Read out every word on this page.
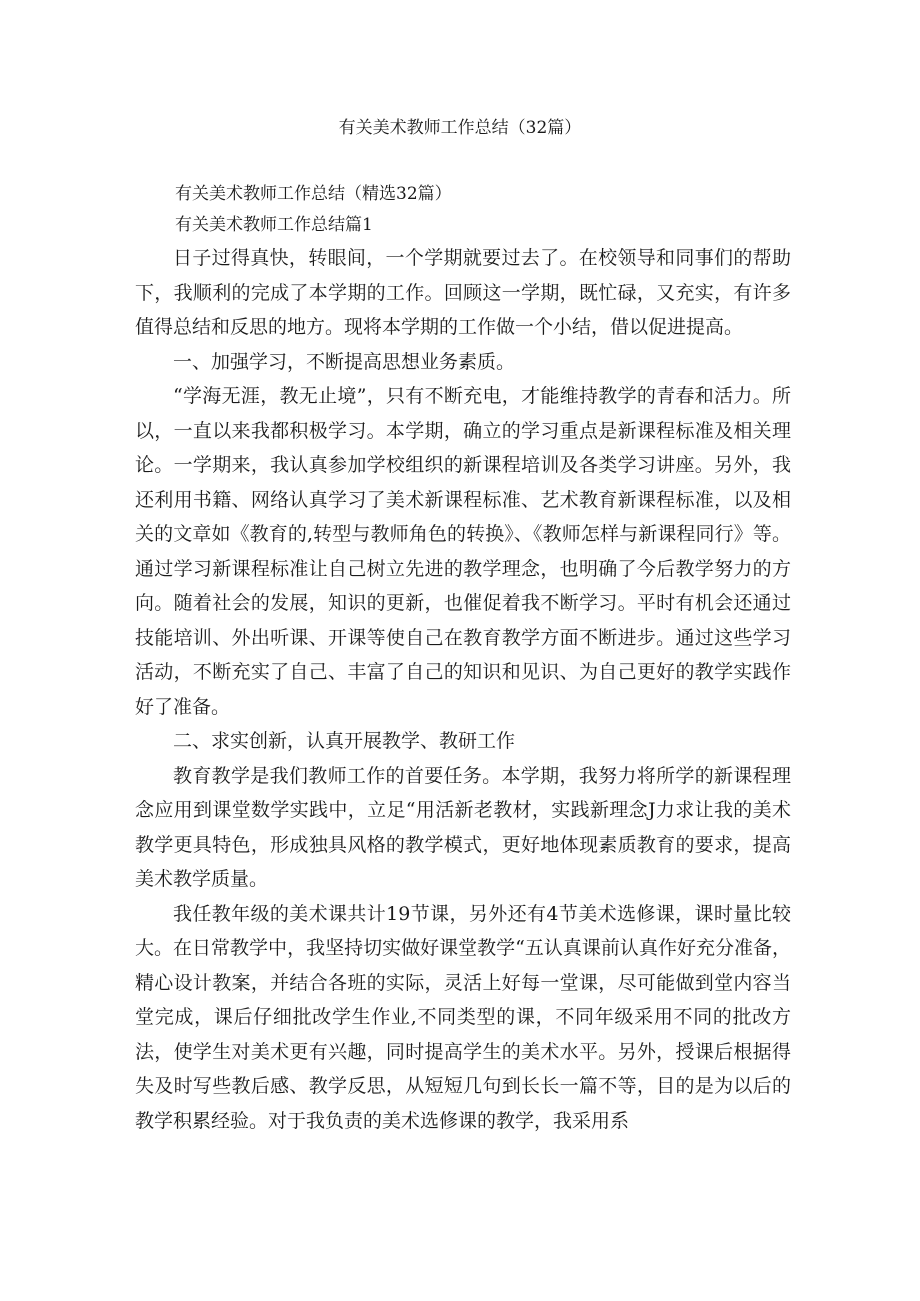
有关美术教师工作总结（32篇）

有关美术教师工作总结（精选32篇）

有关美术教师工作总结篇1

日子过得真快，转眼间，一个学期就要过去了。在校领导和同事们的帮助下，我顺利的完成了本学期的工作。回顾这一学期，既忙碌，又充实，有许多值得总结和反思的地方。现将本学期的工作做一个小结，借以促进提高。

一、加强学习，不断提高思想业务素质。

“学海无涯，教无止境”，只有不断充电，才能维持教学的青春和活力。所以，一直以来我都积极学习。本学期，确立的学习重点是新课程标准及相关理论。一学期来，我认真参加学校组织的新课程培训及各类学习讲座。另外，我还利用书籍、网络认真学习了美术新课程标准、艺术教育新课程标准，以及相关的文章如《教育的,转型与教师角色的转换》、《教师怎样与新课程同行》等。通过学习新课程标准让自己树立先进的教学理念，也明确了今后教学努力的方向。随着社会的发展，知识的更新，也催促着我不断学习。平时有机会还通过技能培训、外出听课、开课等使自己在教育教学方面不断进步。通过这些学习活动，不断充实了自己、丰富了自己的知识和见识、为自己更好的教学实践作好了准备。

二、求实创新，认真开展教学、教研工作

教育教学是我们教师工作的首要任务。本学期，我努力将所学的新课程理念应用到课堂数学实践中，立足“用活新老教材，实践新理念J力求让我的美术教学更具特色，形成独具风格的教学模式，更好地体现素质教育的要求，提高美术教学质量。

我任教年级的美术课共计19节课，另外还有4节美术选修课，课时量比较大。在日常教学中，我坚持切实做好课堂教学“五认真课前认真作好充分准备，精心设计教案，并结合各班的实际，灵活上好每一堂课，尽可能做到堂内容当堂完成，课后仔细批改学生作业,不同类型的课，不同年级采用不同的批改方法，使学生对美术更有兴趣，同时提高学生的美术水平。另外，授课后根据得失及时写些教后感、教学反思，从短短几句到长长一篇不等，目的是为以后的教学积累经验。对于我负责的美术选修课的教学，我采用系
